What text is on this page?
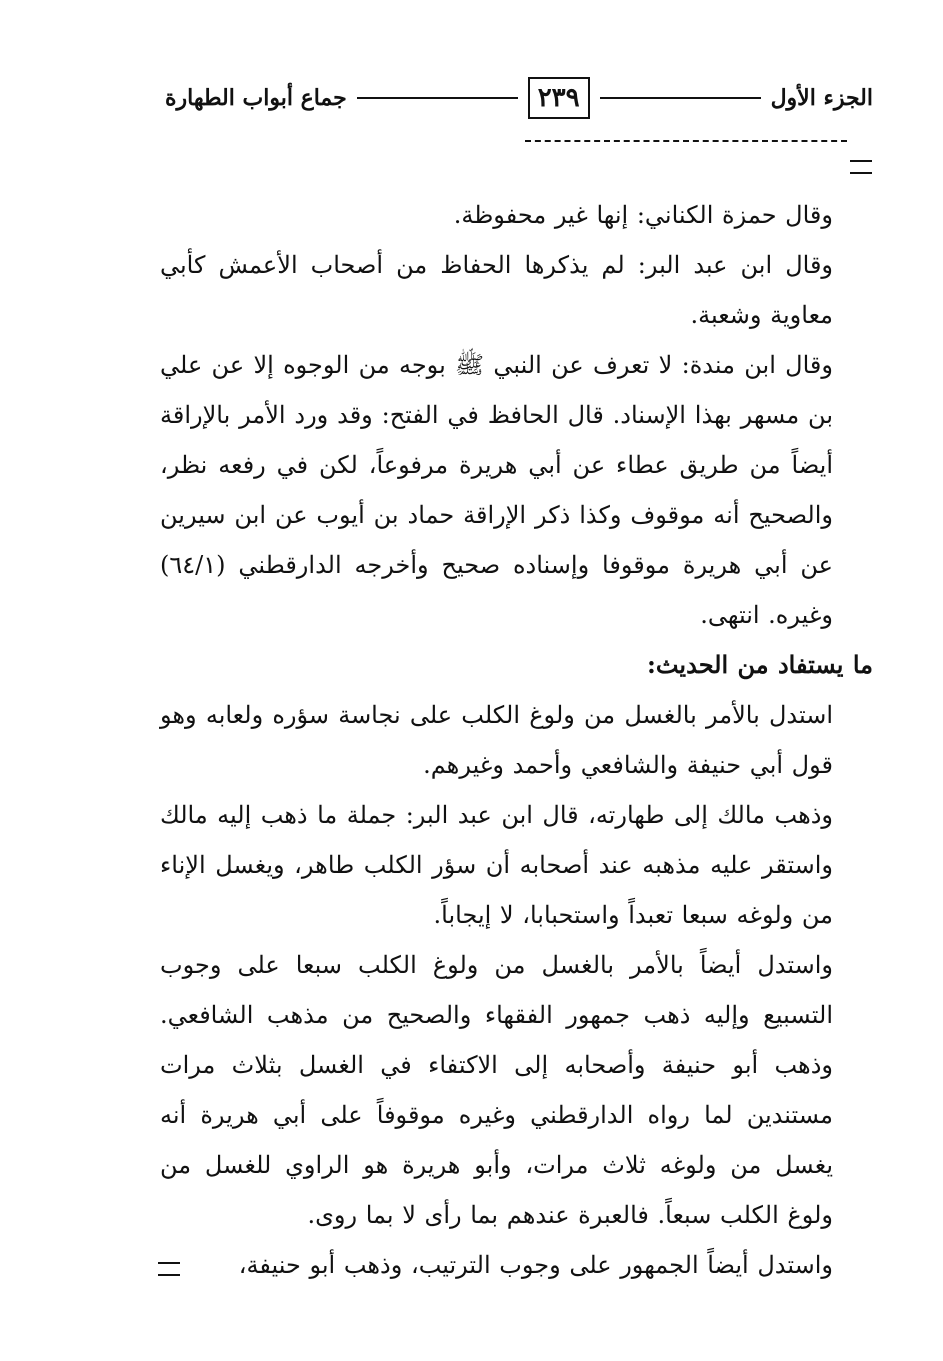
الجزء الأول
٢٣٩
جماع أبواب الطهارة

وقال حمزة الكناني: إنها غير محفوظة.

وقال ابن عبد البر: لم يذكرها الحفاظ من أصحاب الأعمش كأبي معاوية وشعبة.

وقال ابن مندة: لا تعرف عن النبي ﷺ بوجه من الوجوه إلا عن علي بن مسهر بهذا الإسناد. قال الحافظ في الفتح: وقد ورد الأمر بالإراقة أيضاً من طريق عطاء عن أبي هريرة مرفوعاً، لكن في رفعه نظر، والصحيح أنه موقوف وكذا ذكر الإراقة حماد بن أيوب عن ابن سيرين عن أبي هريرة موقوفا وإسناده صحيح وأخرجه الدارقطني (٦٤/١) وغيره. انتهى.

ما يستفاد من الحديث:

استدل بالأمر بالغسل من ولوغ الكلب على نجاسة سؤره ولعابه وهو قول أبي حنيفة والشافعي وأحمد وغيرهم.

وذهب مالك إلى طهارته، قال ابن عبد البر: جملة ما ذهب إليه مالك واستقر عليه مذهبه عند أصحابه أن سؤر الكلب طاهر، ويغسل الإناء من ولوغه سبعا تعبداً واستحبابا، لا إيجاباً.

واستدل أيضاً بالأمر بالغسل من ولوغ الكلب سبعا على وجوب التسبيع وإليه ذهب جمهور الفقهاء والصحيح من مذهب الشافعي. وذهب أبو حنيفة وأصحابه إلى الاكتفاء في الغسل بثلاث مرات مستندين لما رواه الدارقطني وغيره موقوفاً على أبي هريرة أنه يغسل من ولوغه ثلاث مرات، وأبو هريرة هو الراوي للغسل من ولوغ الكلب سبعاً. فالعبرة عندهم بما رأى لا بما روى.

واستدل أيضاً الجمهور على وجوب الترتيب، وذهب أبو حنيفة،
